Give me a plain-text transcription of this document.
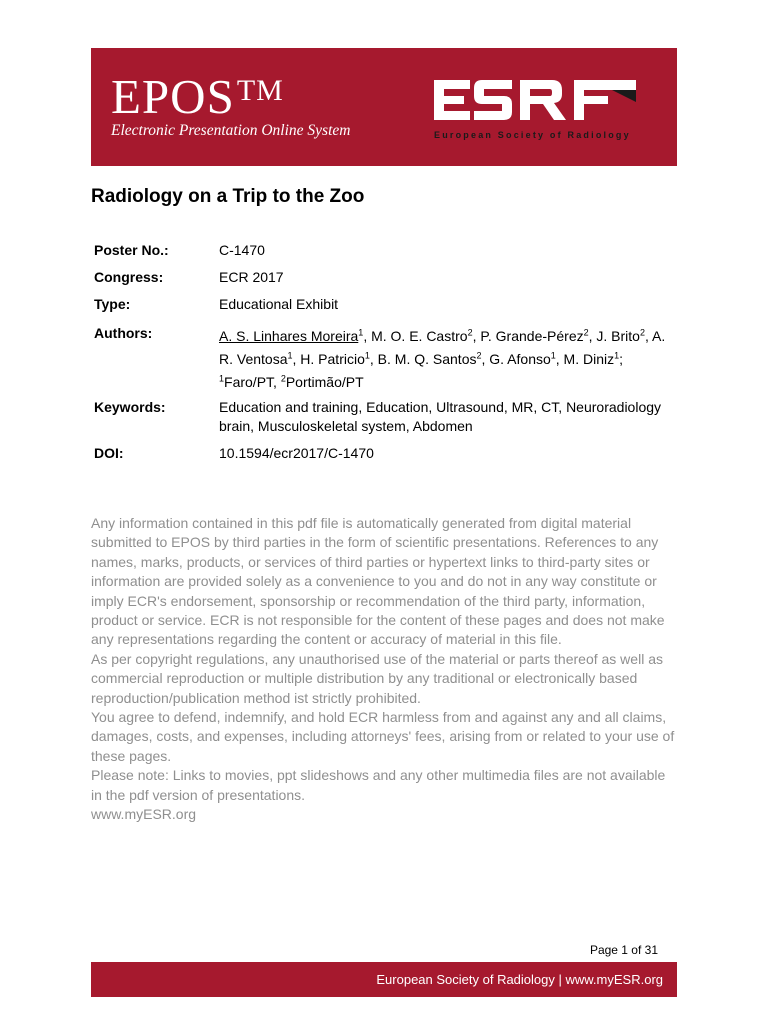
EPOS™
Electronic Presentation Online System	European Society of Radiology
Radiology on a Trip to the Zoo
Poster No.:	C-1470
Congress:	ECR 2017
Type:	Educational Exhibit
Authors:	A. S. Linhares Moreira$^1$, M. O. E. Castro$^2$, P. Grande-Pérez$^2$, J. Brito$^2$, A. R. Ventosa$^1$, H. Patricio$^1$, B. M. Q. Santos$^2$, G. Afonso$^1$, M. Diniz$^1$; $^1$Faro/PT, $^2$Portimão/PT
Keywords:	Education and training, Education, Ultrasound, MR, CT, Neuroradiology brain, Musculoskeletal system, Abdomen
DOI:	10.1594/ecr2017/C-1470

Any information contained in this pdf file is automatically generated from digital material submitted to EPOS by third parties in the form of scientific presentations. References to any names, marks, products, or services of third parties or hypertext links to third-party sites or information are provided solely as a convenience to you and do not in any way constitute or imply ECR's endorsement, sponsorship or recommendation of the third party, information, product or service. ECR is not responsible for the content of these pages and does not make any representations regarding the content or accuracy of material in this file.

As per copyright regulations, any unauthorised use of the material or parts thereof as well as commercial reproduction or multiple distribution by any traditional or electronically based reproduction/publication method ist strictly prohibited.

You agree to defend, indemnify, and hold ECR harmless from and against any and all claims, damages, costs, and expenses, including attorneys' fees, arising from or related to your use of these pages.

Please note: Links to movies, ppt slideshows and any other multimedia files are not available in the pdf version of presentations.

www.myESR.org

Page 1 of 31
European Society of Radiology | www.myESR.org
